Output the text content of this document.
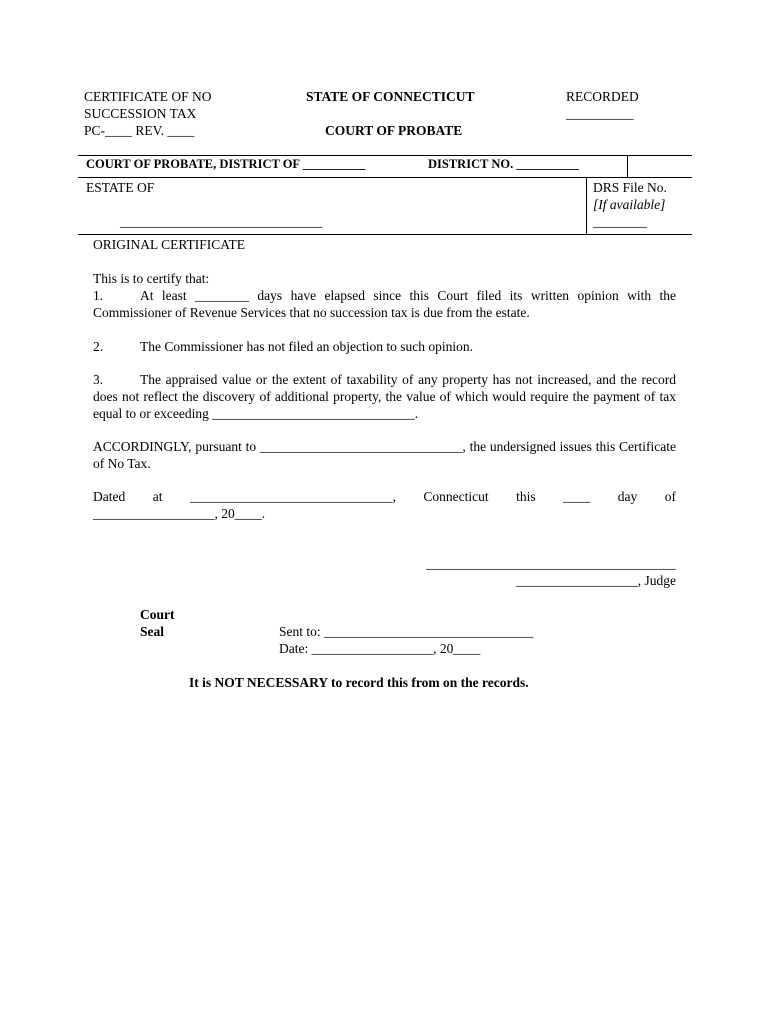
CERTIFICATE OF NO
SUCCESSION TAX
PC-____ REV. ____
STATE OF CONNECTICUT
COURT OF PROBATE
RECORDED
__________
COURT OF PROBATE, DISTRICT OF __________	DISTRICT NO. __________
ESTATE OF
______________________________
DRS File No.
[If available]
________
ORIGINAL CERTIFICATE
This is to certify that:
1.	At least ________ days have elapsed since this Court filed its written opinion with the Commissioner of Revenue Services that no succession tax is due from the estate.
2.	The Commissioner has not filed an objection to such opinion.
3.	The appraised value or the extent of taxability of any property has not increased, and the record does not reflect the discovery of additional property, the value of which would require the payment of tax equal to or exceeding ______________________________.
ACCORDINGLY, pursuant to ______________________________, the undersigned issues this Certificate of No Tax.
Dated at ______________________________, Connecticut this ____ day of
__________________, 20____.
_____________________________________
__________________, Judge
Court
Seal	Sent to: _______________________________
Date: __________________, 20____
It is NOT NECESSARY to record this from on the records.
